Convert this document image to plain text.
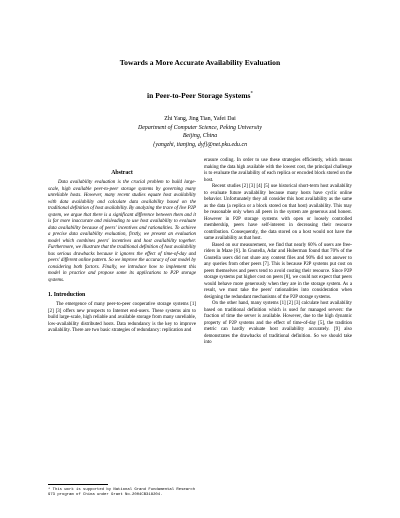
Towards a More Accurate Availability Evaluation
in Peer-to-Peer Storage Systems*
Zhi Yang, Jing Tian, Yafei Dai
Department of Computer Science, Peking University
Beijing, China
{yangzhi, tianjing, dyf}@net.pku.edu.cn
Abstract

Data availability evaluation is the crucial problem to build large-scale, high available peer-to-peer storage systems by governing many unreliable hosts. However, many recent studies equate host availability with data availability and calculate data availability based on the traditional definition of host availability. By analyzing the trace of live P2P system, we argue that there is a significant difference between them and it is far more inaccurate and misleading to use host availability to evaluate data availability because of peers' incentives and rationalities. To achieve a precise data availability evaluation, firstly, we present an evaluation model which combines peers' incentives and host availability together. Furthermore, we illustrate that the traditional definition of host availability has serious drawbacks because it ignores the effect of time-of-day and peers' different online pattern. So we improve the accuracy of our model by considering both factors. Finally, we introduce how to implement this model in practice and propose some its applications to P2P storage systems.

1. Introduction

The emergence of many peer-to-peer cooperative storage systems [1] [2] [3] offers new prospects to Internet end-users. These systems aim to build large-scale, high reliable and available storage from many unreliable, low-availability distributed hosts. Data redundancy is the key to improve availability. There are two basic strategies of redundancy: replication and

erasure coding. In order to use these strategies efficiently, which means making the data high available with the lowest cost, the principal challenge is to evaluate the availability of each replica or encoded block stored on the host.

Recent studies [2] [3] [4] [5] use historical short-term host availability to evaluate future availability because many hosts have cyclic online behavior. Unfortunately they all consider this host availability as the same as the data (a replica or a block stored on that host) availability. This may be reasonable only when all peers in the system are generous and honest. However in P2P storage systems with open or loosely controlled membership, peers have self-interest in decreasing their resource contribution. Consequently, the data stored on a host would not have the same availability as that host.

Based on our measurement, we find that nearly 60% of users are free-riders in Maze [6]. In Gnutella, Adar and Huberman found that 70% of the Gnutella users did not share any content files and 90% did not answer to any queries from other peers [7]. This is because P2P systems put cost on peers themselves and peers tend to avoid costing their resource. Since P2P storage systems put higher cost on peers [8], we could not expect that peers would behave more generously when they are in the storage system. As a result, we must take the peers' rationalities into consideration when designing the redundant mechanisms of the P2P storage systems.

On the other hand, many systems [1] [2] [3] calculate host availability based on traditional definition which is used for managed servers: the fraction of time the server is available. However, due to the high dynamic property of P2P systems and the effect of time-of-day [5], the tradition metric can hardly evaluate host availability accurately. [9] also demonstrates the drawbacks of traditional definition. So we should take into

* This work is supported by National Grand Fundamental Research 973 program of China under Grant No.2004CB318204.
